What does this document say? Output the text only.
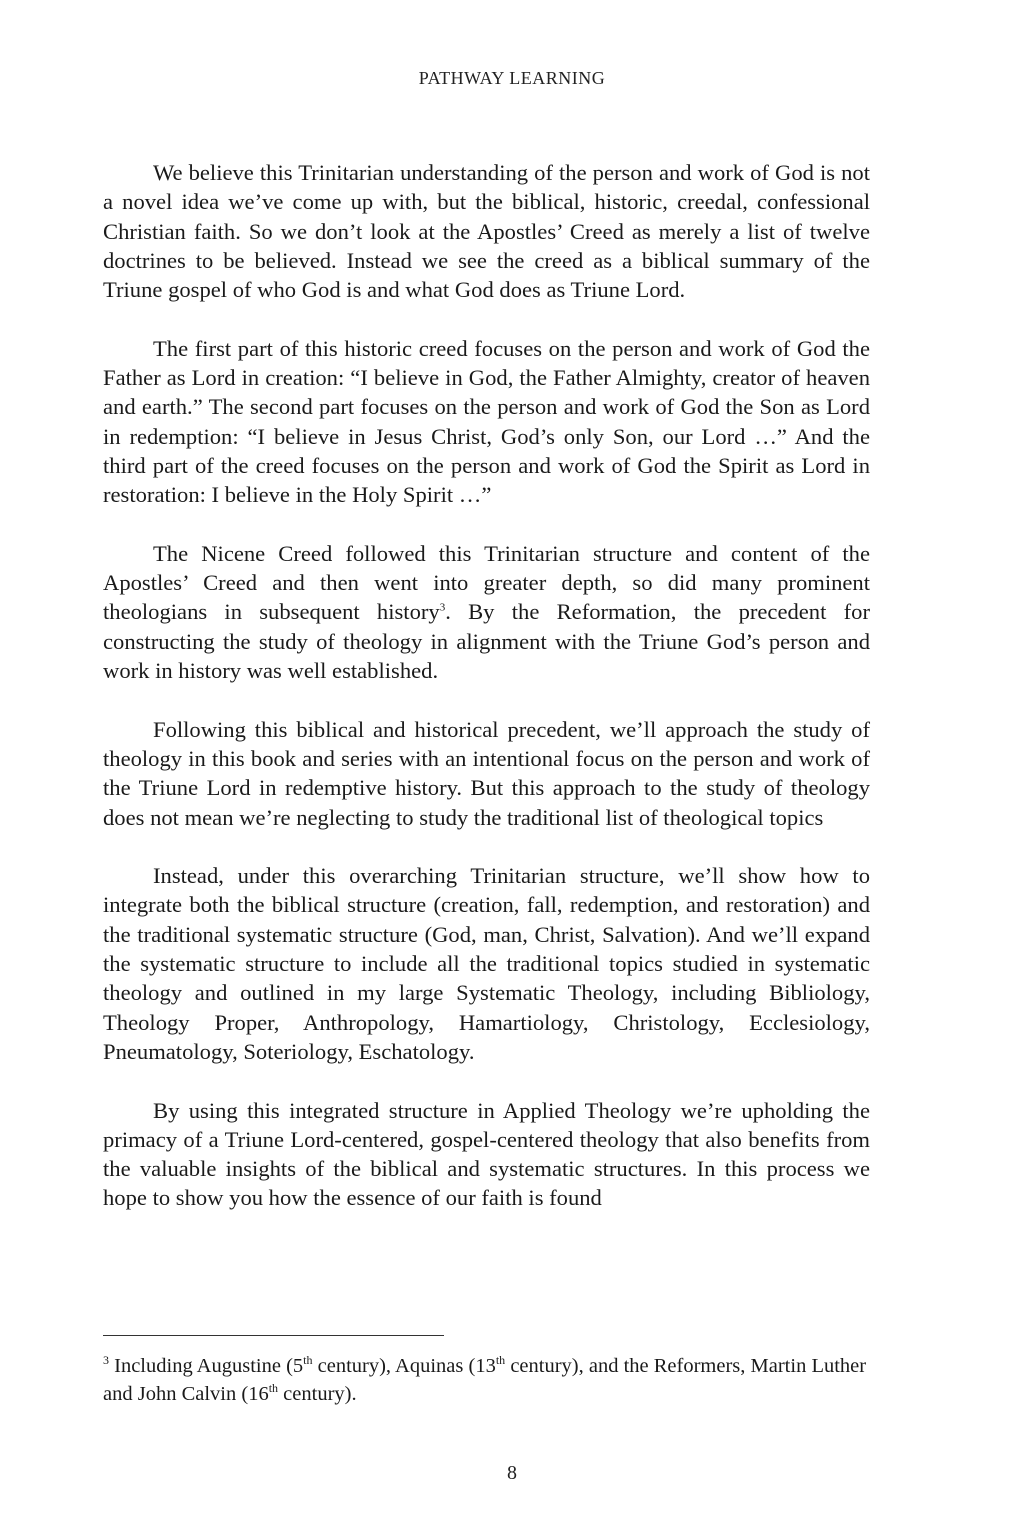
PATHWAY LEARNING

We believe this Trinitarian understanding of the person and work of God is not a novel idea we’ve come up with, but the biblical, historic, creedal, confessional Christian faith. So we don’t look at the Apostles’ Creed as merely a list of twelve doctrines to be believed. Instead we see the creed as a biblical summary of the Triune gospel of who God is and what God does as Triune Lord.

The first part of this historic creed focuses on the person and work of God the Father as Lord in creation: “I believe in God, the Father Almighty, creator of heaven and earth.” The second part focuses on the person and work of God the Son as Lord in redemption: “I believe in Jesus Christ, God’s only Son, our Lord …” And the third part of the creed focuses on the person and work of God the Spirit as Lord in restoration: I believe in the Holy Spirit …”

The Nicene Creed followed this Trinitarian structure and content of the Apostles’ Creed and then went into greater depth, so did many prominent theologians in subsequent history$^3$. By the Reformation, the precedent for constructing the study of theology in alignment with the Triune God’s person and work in history was well established.

Following this biblical and historical precedent, we’ll approach the study of theology in this book and series with an intentional focus on the person and work of the Triune Lord in redemptive history. But this approach to the study of theology does not mean we’re neglecting to study the traditional list of theological topics

Instead, under this overarching Trinitarian structure, we’ll show how to integrate both the biblical structure (creation, fall, redemption, and restoration) and the traditional systematic structure (God, man, Christ, Salvation). And we’ll expand the systematic structure to include all the traditional topics studied in systematic theology and outlined in my large Systematic Theology, including Bibliology, Theology Proper, Anthropology, Hamartiology, Christology, Ecclesiology, Pneumatology, Soteriology, Eschatology.

By using this integrated structure in Applied Theology we’re upholding the primacy of a Triune Lord-centered, gospel-centered theology that also benefits from the valuable insights of the biblical and systematic structures. In this process we hope to show you how the essence of our faith is found

$^3$ Including Augustine (5th century), Aquinas (13th century), and the Reformers, Martin Luther and John Calvin (16th century).
8
